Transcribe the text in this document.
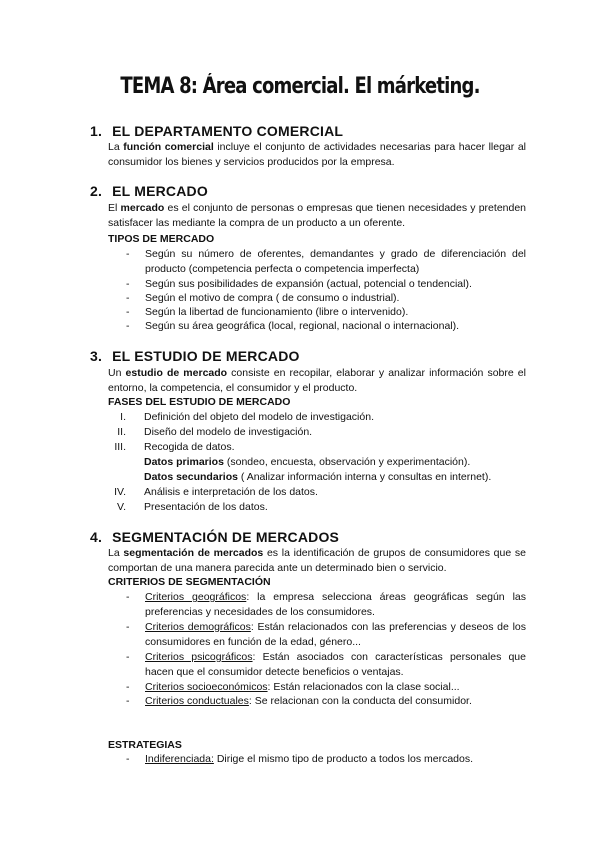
TEMA 8: Área comercial. El márketing.
1. EL DEPARTAMENTO COMERCIAL
La función comercial incluye el conjunto de actividades necesarias para hacer llegar al consumidor los bienes y servicios producidos por la empresa.
2. EL MERCADO
El mercado es el conjunto de personas o empresas que tienen necesidades y pretenden satisfacer las mediante la compra de un producto a un oferente.
TIPOS DE MERCADO
- Según su número de oferentes, demandantes y grado de diferenciación del producto (competencia perfecta o competencia imperfecta)
- Según sus posibilidades de expansión (actual, potencial o tendencial).
- Según el motivo de compra ( de consumo o industrial).
- Según la libertad de funcionamiento (libre o intervenido).
- Según su área geográfica (local, regional, nacional o internacional).
3. EL ESTUDIO DE MERCADO
Un estudio de mercado consiste en recopilar, elaborar y analizar información sobre el entorno, la competencia, el consumidor y el producto.
FASES DEL ESTUDIO DE MERCADO
I. Definición del objeto del modelo de investigación.
II. Diseño del modelo de investigación.
III. Recogida de datos.
Datos primarios (sondeo, encuesta, observación y experimentación).
Datos secundarios ( Analizar información interna y consultas en internet).
IV. Análisis e interpretación de los datos.
V. Presentación de los datos.
4. SEGMENTACIÓN DE MERCADOS
La segmentación de mercados es la identificación de grupos de consumidores que se comportan de una manera parecida ante un determinado bien o servicio.
CRITERIOS DE SEGMENTACIÓN
- Criterios geográficos: la empresa selecciona áreas geográficas según las preferencias y necesidades de los consumidores.
- Criterios demográficos: Están relacionados con las preferencias y deseos de los consumidores en función de la edad, género...
- Criterios psicográficos: Están asociados con características personales que hacen que el consumidor detecte beneficios o ventajas.
- Criterios socioeconómicos: Están relacionados con la clase social...
- Criterios conductuales: Se relacionan con la conducta del consumidor.
ESTRATEGIAS
- Indiferenciada: Dirige el mismo tipo de producto a todos los mercados.
